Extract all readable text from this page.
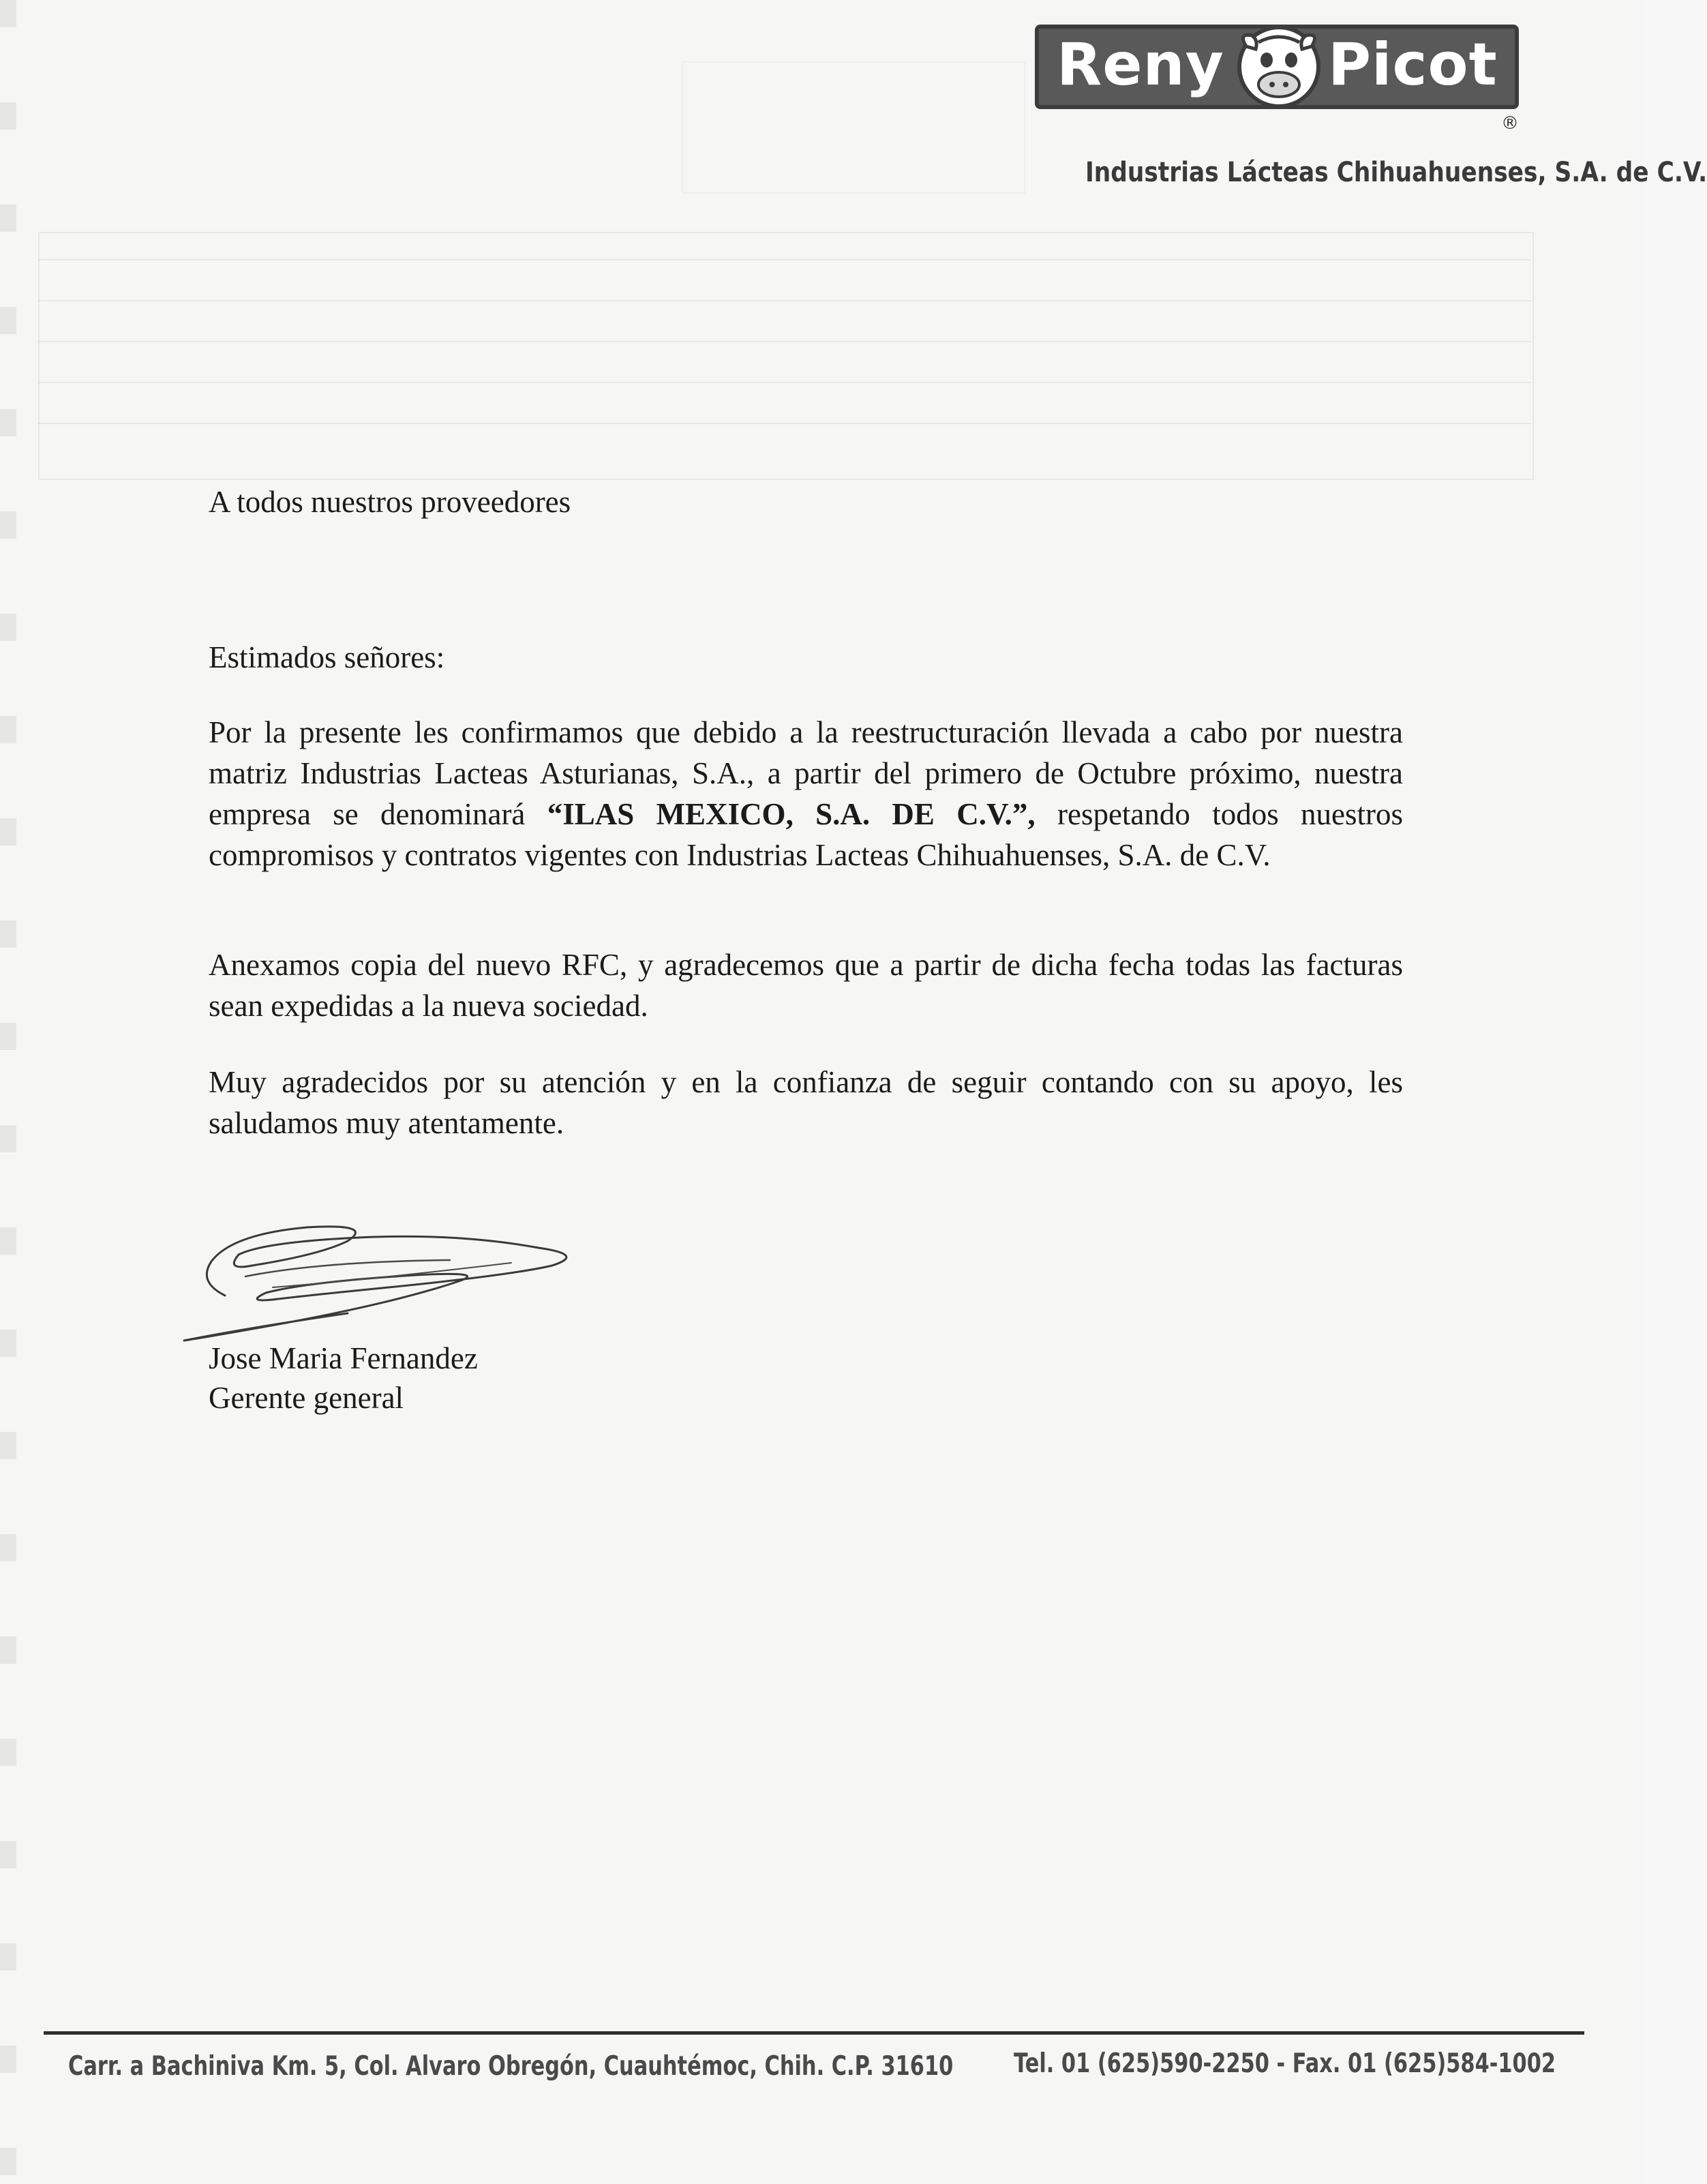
Reny Picot
®
Industrias Lácteas Chihuahuenses, S.A. de C.V.
A todos nuestros proveedores
Estimados señores:
Por la presente les confirmamos que debido a la reestructuración llevada a cabo por nuestra matriz Industrias Lacteas Asturianas, S.A., a partir del primero de Octubre próximo, nuestra empresa se denominará “ILAS MEXICO, S.A. DE C.V.”, respetando todos nuestros compromisos y contratos vigentes con Industrias Lacteas Chihuahuenses, S.A. de C.V.
Anexamos copia del nuevo RFC, y agradecemos que a partir de dicha fecha todas las facturas sean expedidas a la nueva sociedad.
Muy agradecidos por su atención y en la confianza de seguir contando con su apoyo, les saludamos muy atentamente.
Jose Maria Fernandez
Gerente general
Carr. a Bachiniva Km. 5, Col. Alvaro Obregón, Cuauhtémoc, Chih. C.P. 31610 Tel. 01 (625)590-2250 - Fax. 01 (625)584-1002
